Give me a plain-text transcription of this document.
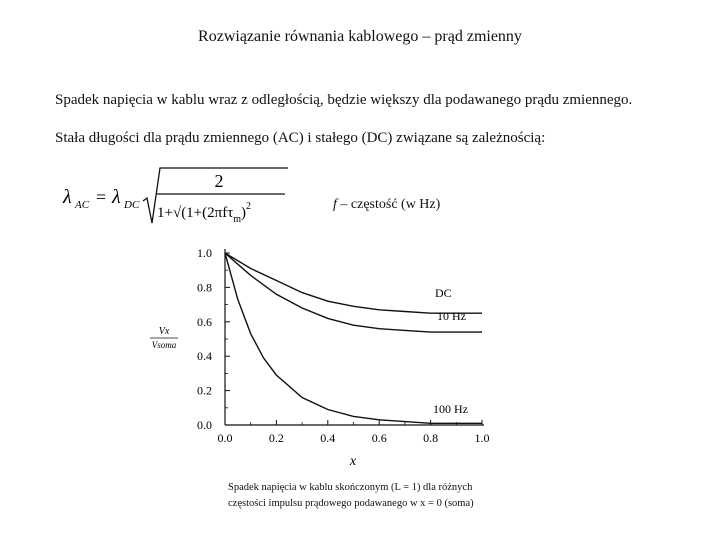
Rozwiązanie równania kablowego – prąd zmienny
Spadek napięcia w kablu wraz z odległością, będzie większy dla podawanego prądu zmiennego.
Stała długości dla prądu zmiennego (AC) i stałego (DC) związane są zależnością:
λ AC = λ DC
2
$1+√(1+(2\pi f\tau_m)^2$	f – częstość (w Hz)
Vx
Vsoma
x
0.0	0.2	0.4	0.6	0.8	1.0
0.0
0.2
0.4
0.6
0.8
1.0
DC
10 Hz
100 Hz
Spadek napięcia w kablu skończonym (L = 1) dla różnych
częstości impulsu prądowego podawanego w x = 0 (soma)
